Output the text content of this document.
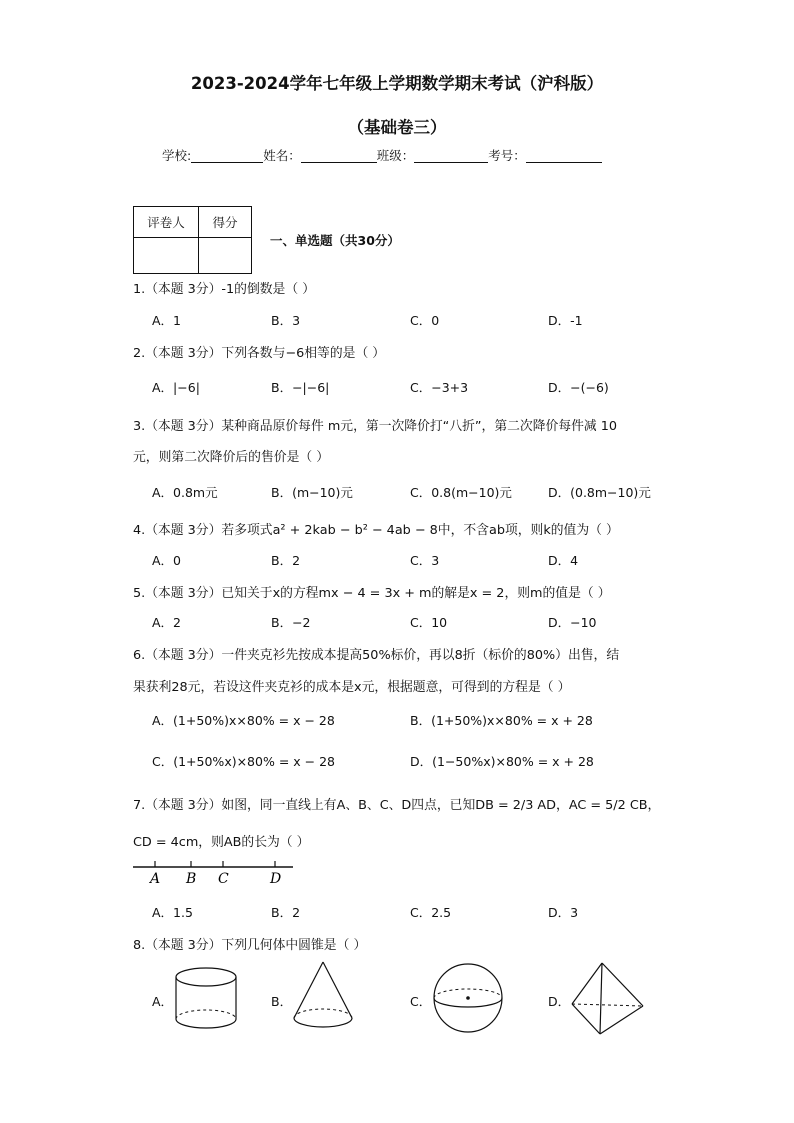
2023-2024学年七年级上学期数学期末考试（沪科版）
（基础卷三）
学校:	姓名：	班级：	考号：
评卷人	得分

一、单选题（共30分）
1.（本题 3分）-1的倒数是（ ）
A．1	B．3	C．0	D．-1
2.（本题 3分）下列各数与−6相等的是（ ）
A．|−6|	B．−|−6|	C．−3+3	D．−(−6)
3.（本题 3分）某种商品原价每件 m元，第一次降价打“八折”，第二次降价每件减 10
元，则第二次降价后的售价是（ ）
A．0.8m元	B．(m−10)元	C．0.8(m−10)元	D．(0.8m−10)元
4.（本题 3分）若多项式a² + 2kab − b² − 4ab − 8中，不含ab项，则k的值为（ ）
A．0	B．2	C．3	D．4
5.（本题 3分）已知关于x的方程mx − 4 = 3x + m的解是x = 2，则m的值是（ ）
A．2	B．−2	C．10	D．−10
6.（本题 3分）一件夹克衫先按成本提高50%标价，再以8折（标价的80%）出售，结
果获利28元，若设这件夹克衫的成本是x元，根据题意，可得到的方程是（ ）
A．(1+50%)x×80% = x − 28	B．(1+50%)x×80% = x + 28
C．(1+50%x)×80% = x − 28	D．(1−50%x)×80% = x + 28
7.（本题 3分）如图，同一直线上有A、B、C、D四点，已知DB = 2/3 AD，AC = 5/2 CB，
CD = 4cm，则AB的长为（ ）
A B C	D
A．1.5	B．2	C．2.5	D．3
8.（本题 3分）下列几何体中圆锥是（ ）
A．	B．	C．	D．
